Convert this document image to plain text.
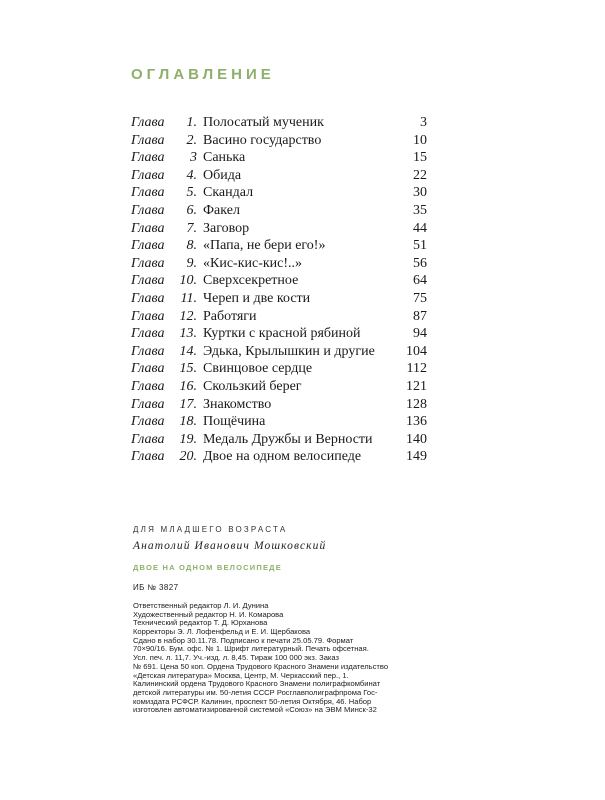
ОГЛАВЛЕНИЕ
Глава	1. Полосатый мученик	3
Глава	2. Васино государство	10
Глава	3 Санька	15
Глава	4. Обида	22
Глава	5. Скандал	30
Глава	6. Факел	35
Глава	7. Заговор	44
Глава	8. «Папа, не бери его!»	51
Глава	9. «Кис-кис-кис!..»	56
Глава	10. Сверхсекретное	64
Глава	11. Череп и две кости	75
Глава	12. Работяги	87
Глава	13. Куртки с красной рябиной	94
Глава	14. Эдька, Крылышкин и другие	104
Глава	15. Свинцовое сердце	112
Глава	16. Скользкий берег	121
Глава	17. Знакомство	128
Глава	18. Пощёчина	136
Глава	19. Медаль Дружбы и Верности	140
Глава	20. Двое на одном велосипеде	149
ДЛЯ МЛАДШЕГО ВОЗРАСТА
Анатолий Иванович Мошковский
ДВОЕ НА ОДНОМ ВЕЛОСИПЕДЕ
ИБ № 3827
Ответственный редактор Л. И. Дунина
Художественный редактор Н. И. Комарова
Технический редактор Т. Д. Юрханова
Корректоры Э. Л. Лофенфельд и Е. И. Щербакова
Сдано в набор 30.11.78. Подписано к печати 25.05.79. Формат
70×90/16. Бум. офс. № 1. Шрифт литературный. Печать офсетная.
Усл. печ. л. 11,7. Уч.-изд. л. 8,45. Тираж 100 000 экз. Заказ
№ 691. Цена 50 коп. Ордена Трудового Красного Знамени издательство
«Детская литература» Москва, Центр, М. Черкасский пер., 1.
Калининский ордена Трудового Красного Знамени полиграфкомбинат
детской литературы им. 50-летия СССР Росглавполиграфпрома Гос-
комиздата РСФСР. Калинин, проспект 50-летия Октября, 46. Набор
изготовлен автоматизированной системой «Союз» на ЭВМ Минск-32
